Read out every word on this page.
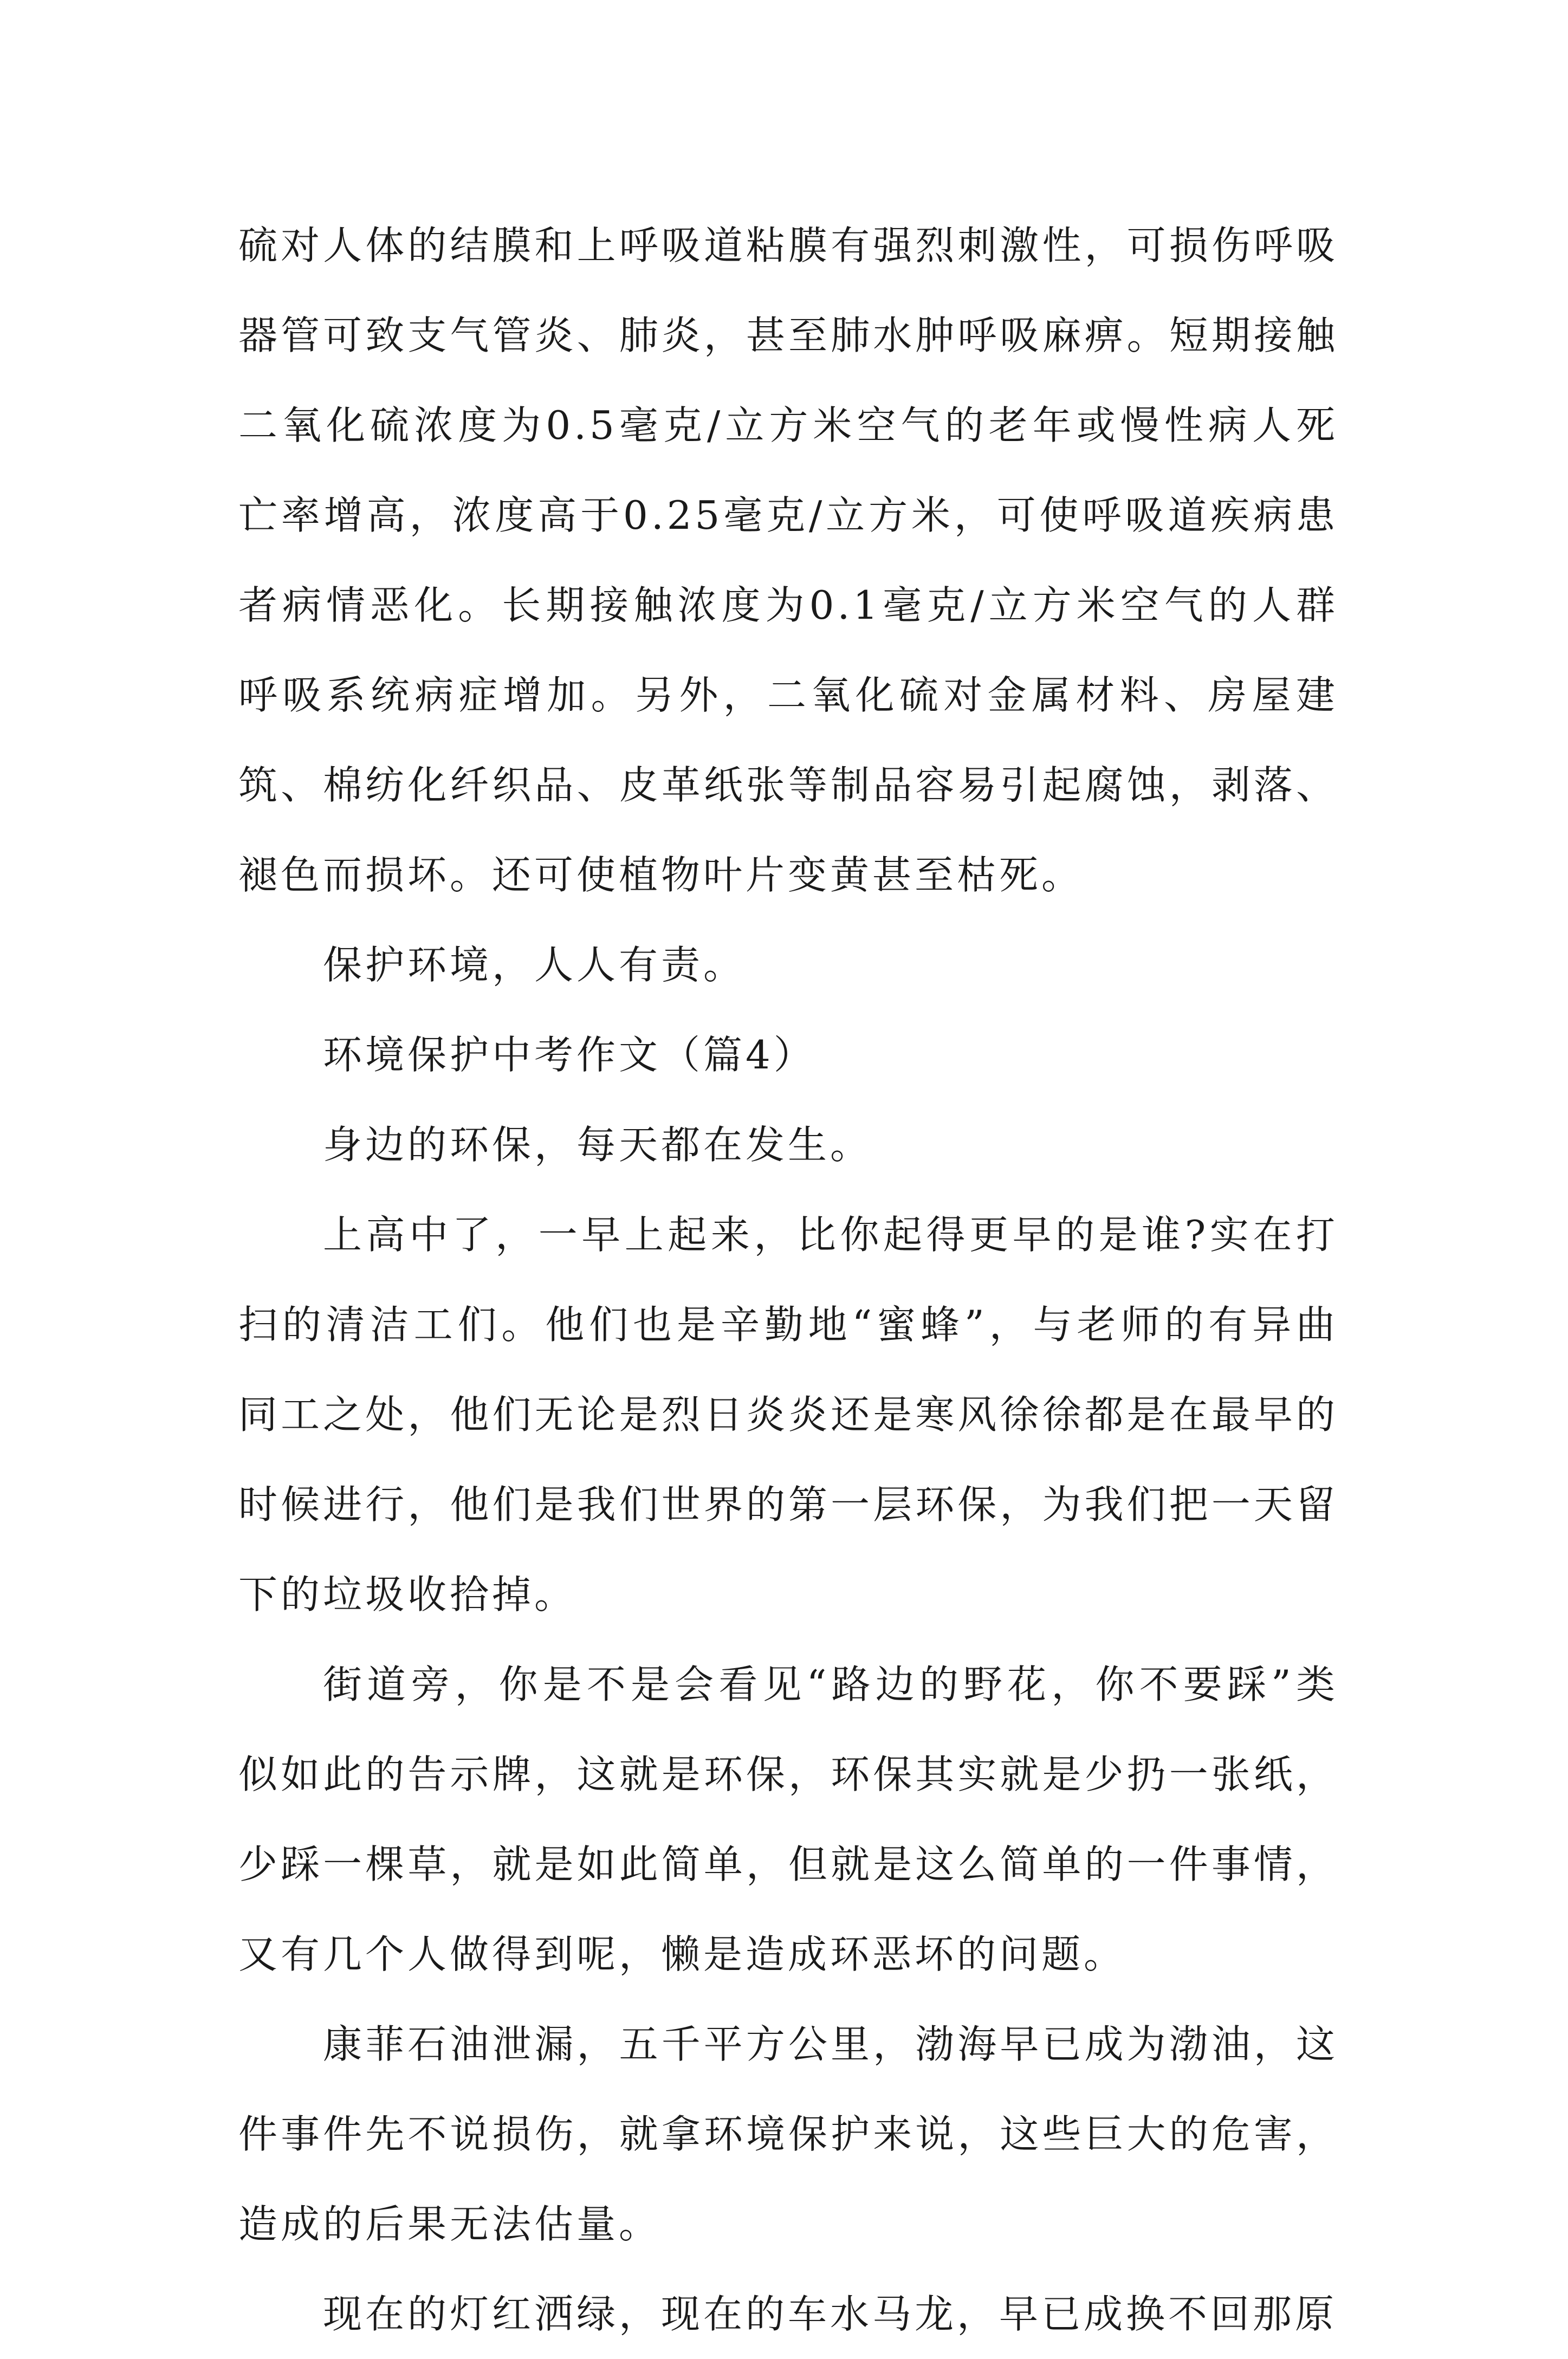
硫对人体的结膜和上呼吸道粘膜有强烈刺激性，可损伤呼吸器管可致支气管炎、肺炎，甚至肺水肿呼吸麻痹。短期接触二氧化硫浓度为0.5毫克/立方米空气的老年或慢性病人死亡率增高，浓度高于0.25毫克/立方米，可使呼吸道疾病患者病情恶化。长期接触浓度为0.1毫克/立方米空气的人群呼吸系统病症增加。另外，二氧化硫对金属材料、房屋建筑、棉纺化纤织品、皮革纸张等制品容易引起腐蚀，剥落、褪色而损坏。还可使植物叶片变黄甚至枯死。

保护环境，人人有责。

环境保护中考作文（篇4）

身边的环保，每天都在发生。

上高中了，一早上起来，比你起得更早的是谁?实在打扫的清洁工们。他们也是辛勤地“蜜蜂”，与老师的有异曲同工之处，他们无论是烈日炎炎还是寒风徐徐都是在最早的时候进行，他们是我们世界的第一层环保，为我们把一天留下的垃圾收拾掉。

街道旁，你是不是会看见“路边的野花，你不要踩”类似如此的告示牌，这就是环保，环保其实就是少扔一张纸，少踩一棵草，就是如此简单，但就是这么简单的一件事情，又有几个人做得到呢，懒是造成环恶坏的问题。

康菲石油泄漏，五千平方公里，渤海早已成为渤油，这件事件先不说损伤，就拿环境保护来说，这些巨大的危害，造成的后果无法估量。

现在的灯红洒绿，现在的车水马龙，早已成换不回那原
